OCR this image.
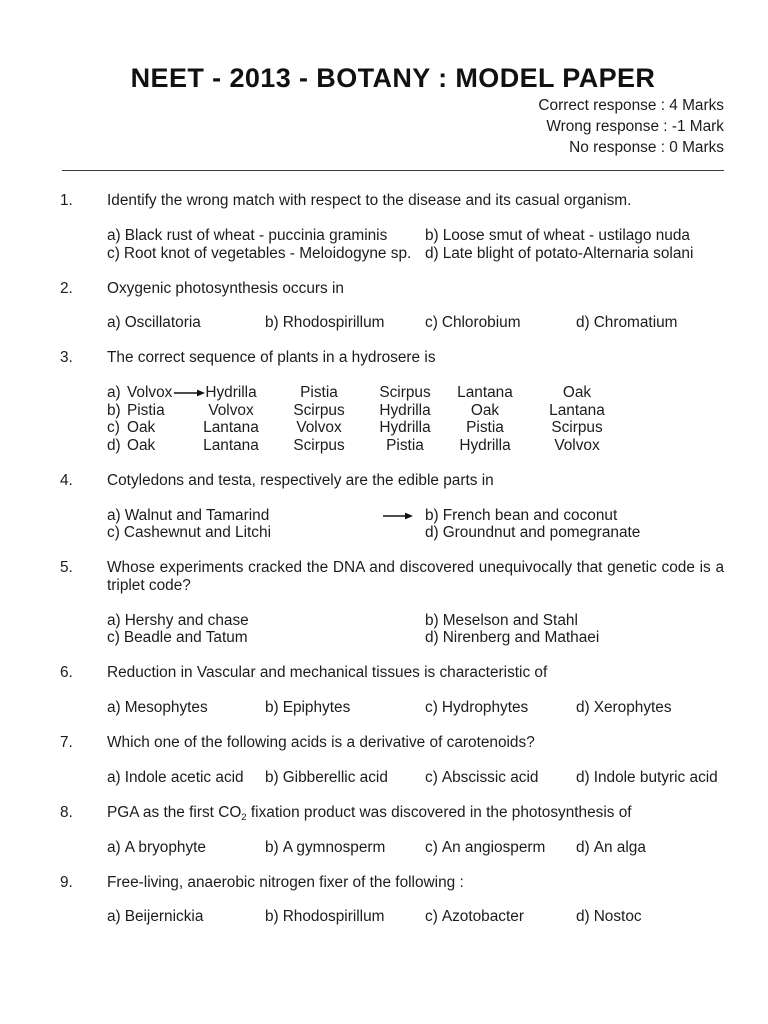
NEET - 2013 - BOTANY : MODEL PAPER
Correct response : 4 Marks
Wrong response : -1 Mark
No response : 0 Marks
1. Identify the wrong match with respect to the disease and its casual organism.
a) Black rust of wheat - puccinia graminis	b) Loose smut of wheat - ustilago nuda
c) Root knot of vegetables - Meloidogyne sp. d) Late blight of potato-Alternaria solani
2. Oxygenic photosynthesis occurs in
a) Oscillatoria	b) Rhodospirillum	c) Chlorobium	d) Chromatium
3. The correct sequence of plants in a hydrosere is
a) Volvox	Hydrilla	Pistia	Scirpus	Lantana	Oak
b) Pistia	Volvox	Scirpus	Hydrilla	Oak	Lantana
c) Oak	Lantana	Volvox	Hydrilla	Pistia	Scirpus
d) Oak	Lantana	Scirpus	Pistia	Hydrilla	Volvox
4. Cotyledons and testa, respectively are the edible parts in
a) Walnut and Tamarind	b) French bean and coconut
c) Cashewnut and Litchi	d) Groundnut and pomegranate
5. Whose experiments cracked the DNA and discovered unequivocally that genetic code is a
triplet code?
a) Hershy and chase	b) Meselson and Stahl
c) Beadle and Tatum	d) Nirenberg and Mathaei
6. Reduction in Vascular and mechanical tissues is characteristic of
a) Mesophytes	b) Epiphytes	c) Hydrophytes	d) Xerophytes
7. Which one of the following acids is a derivative of carotenoids?
a) Indole acetic acid	b) Gibberellic acid	c) Abscissic acid	d) Indole butyric acid
8. PGA as the first $CO_2$ fixation product was discovered in the photosynthesis of
a) A bryophyte	b) A gymnosperm	c) An angiosperm	d) An alga
9. Free-living, anaerobic nitrogen fixer of the following :
a) Beijernickia	b) Rhodospirillum	c) Azotobacter	d) Nostoc
